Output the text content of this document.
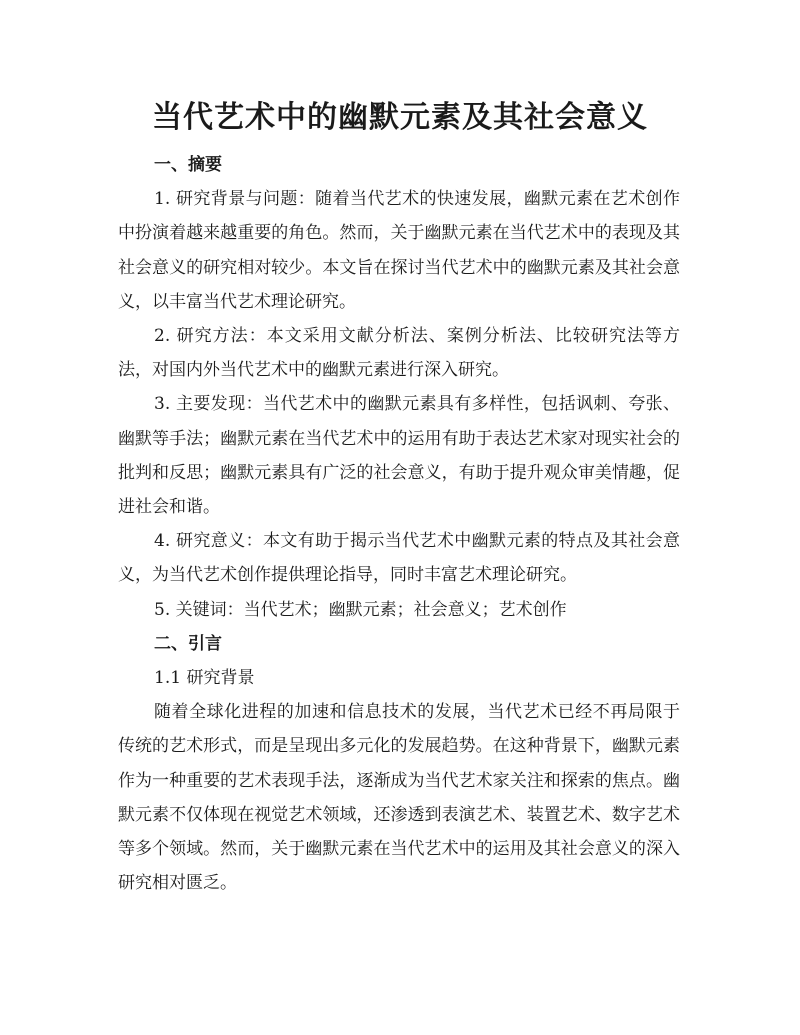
当代艺术中的幽默元素及其社会意义

一、摘要

1. 研究背景与问题：随着当代艺术的快速发展，幽默元素在艺术创作中扮演着越来越重要的角色。然而，关于幽默元素在当代艺术中的表现及其社会意义的研究相对较少。本文旨在探讨当代艺术中的幽默元素及其社会意义，以丰富当代艺术理论研究。

2. 研究方法：本文采用文献分析法、案例分析法、比较研究法等方法，对国内外当代艺术中的幽默元素进行深入研究。

3. 主要发现：当代艺术中的幽默元素具有多样性，包括讽刺、夸张、幽默等手法；幽默元素在当代艺术中的运用有助于表达艺术家对现实社会的批判和反思；幽默元素具有广泛的社会意义，有助于提升观众审美情趣，促进社会和谐。

4. 研究意义：本文有助于揭示当代艺术中幽默元素的特点及其社会意义，为当代艺术创作提供理论指导，同时丰富艺术理论研究。

5. 关键词：当代艺术；幽默元素；社会意义；艺术创作

二、引言

1.1 研究背景

随着全球化进程的加速和信息技术的发展，当代艺术已经不再局限于传统的艺术形式，而是呈现出多元化的发展趋势。在这种背景下，幽默元素作为一种重要的艺术表现手法，逐渐成为当代艺术家关注和探索的焦点。幽默元素不仅体现在视觉艺术领域，还渗透到表演艺术、装置艺术、数字艺术等多个领域。然而，关于幽默元素在当代艺术中的运用及其社会意义的深入研究相对匮乏。
